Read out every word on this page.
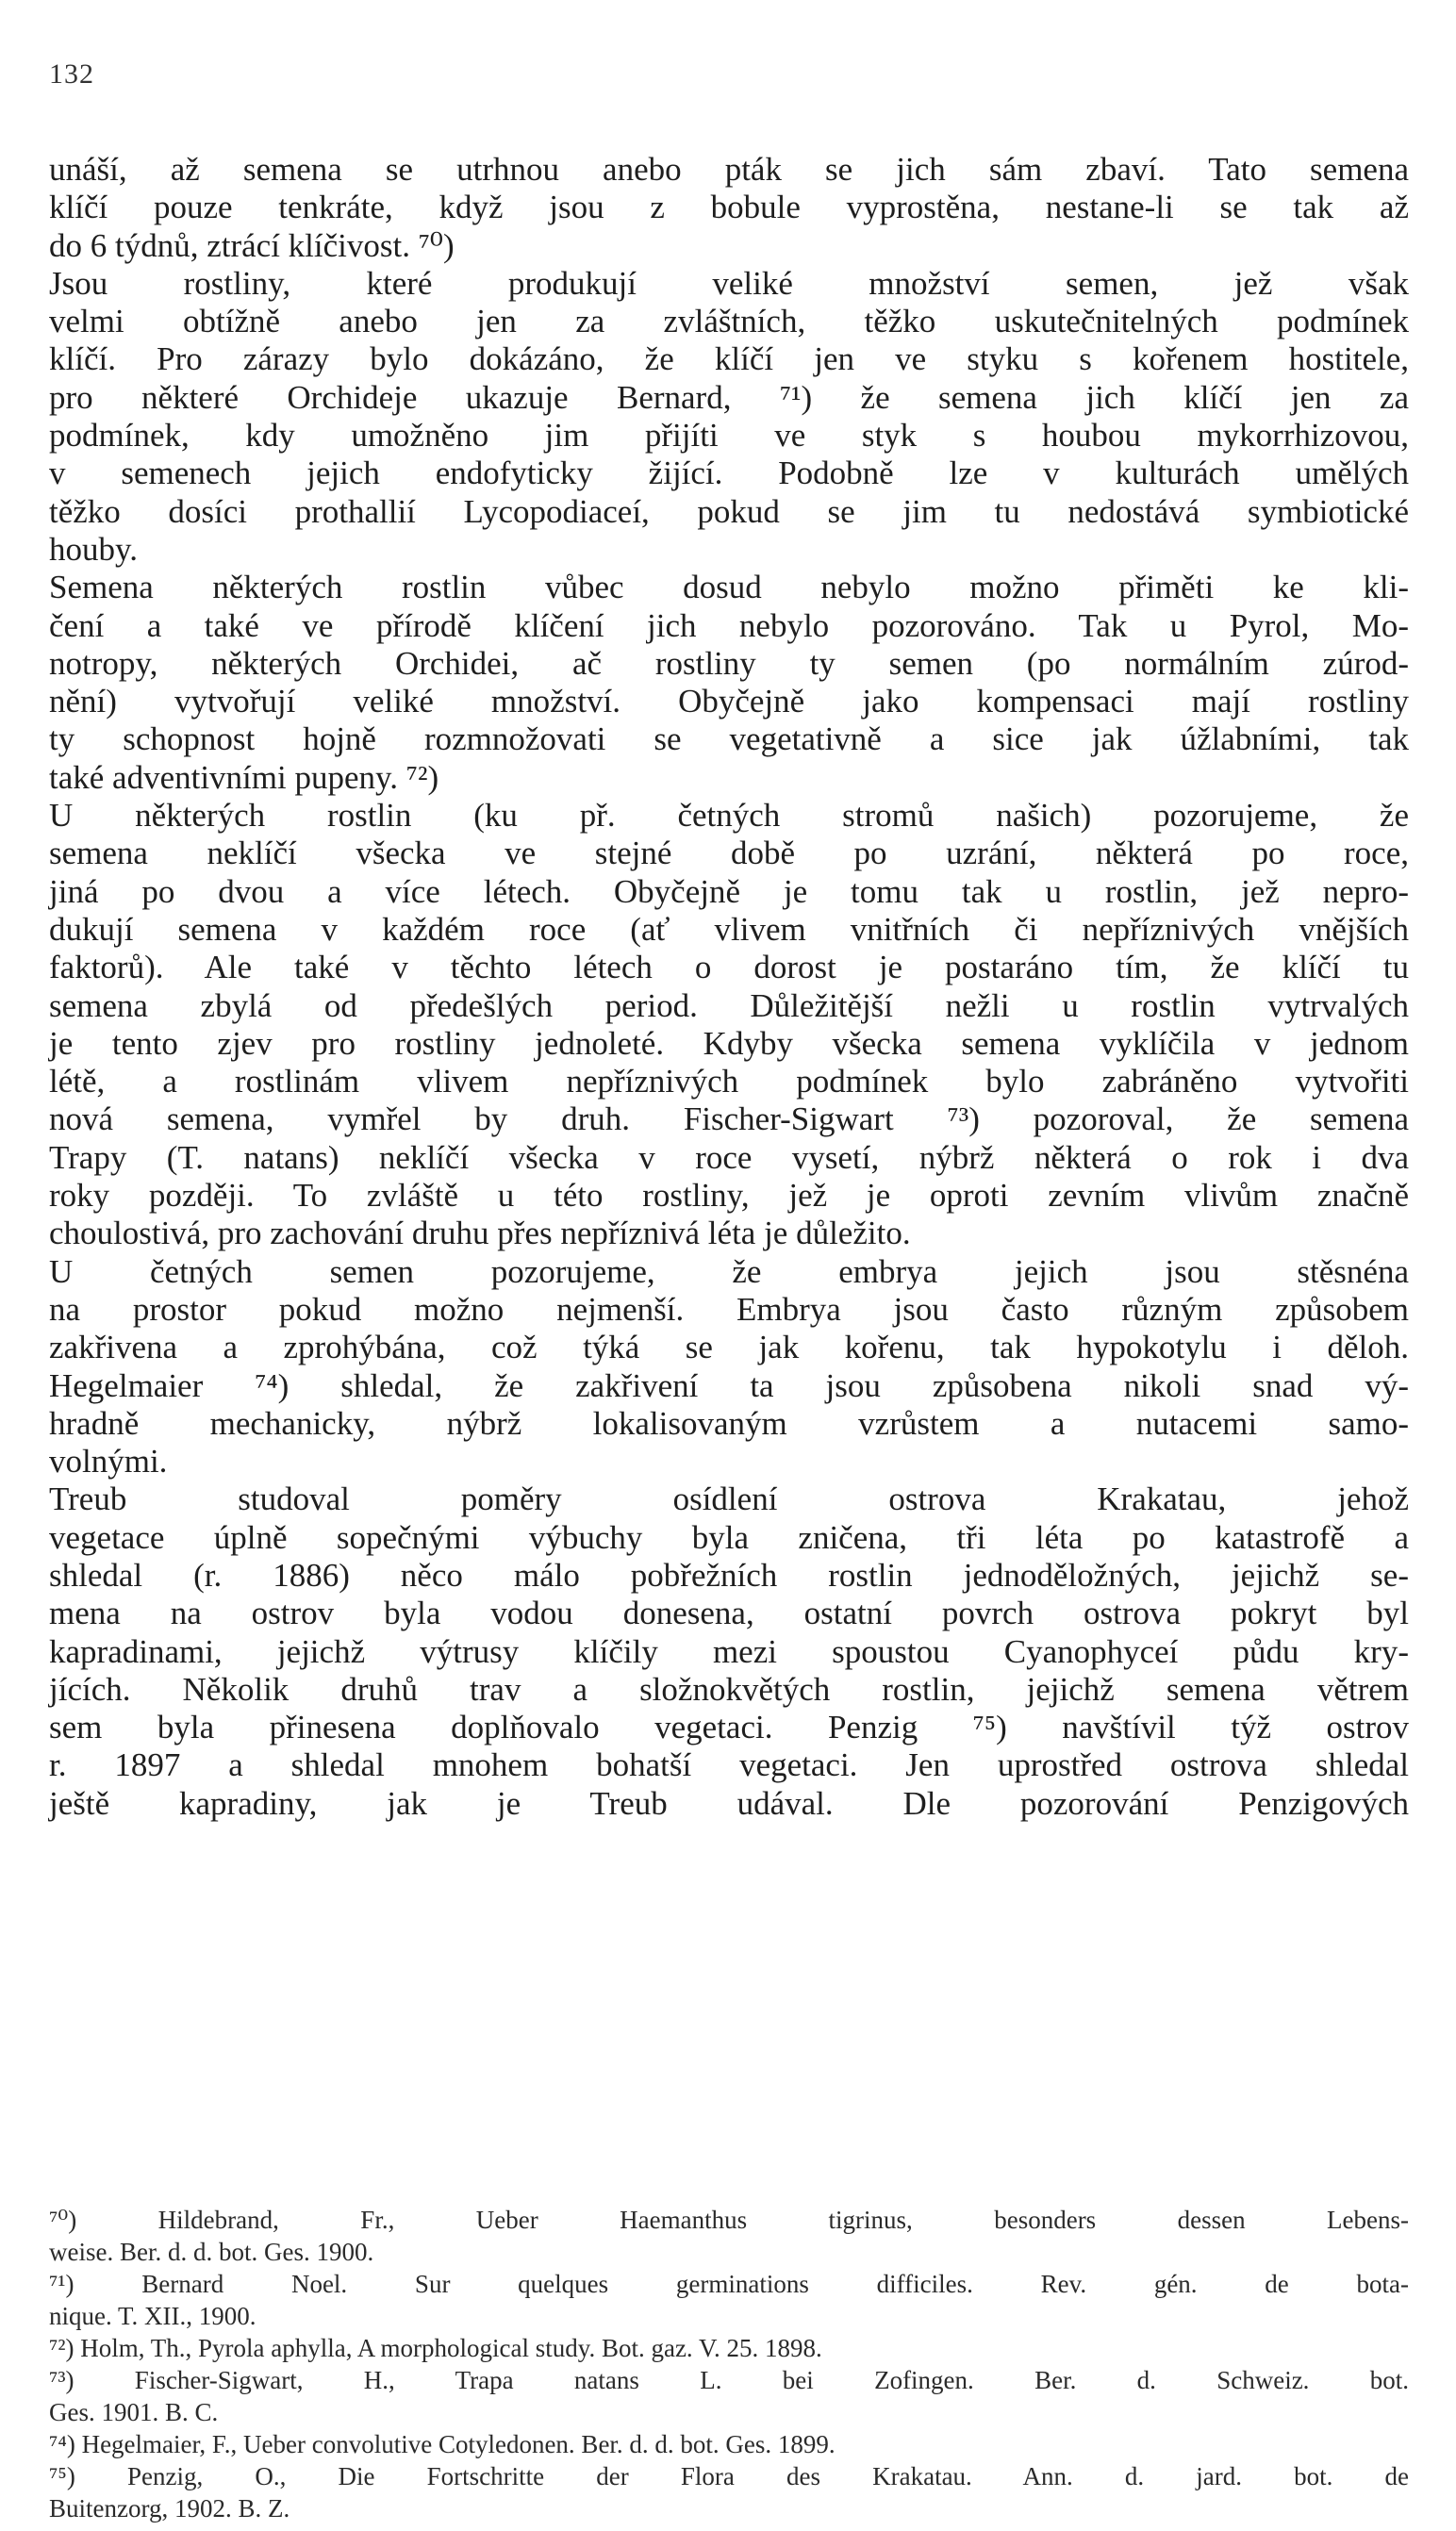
132
unáší, až semena se utrhnou anebo pták se jich sám zbaví. Tato semena
klíčí pouze tenkráte, když jsou z bobule vyprostěna, nestane-li se tak až
do 6 týdnů, ztrácí klíčivost. ⁷⁰)
Jsou rostliny, které produkují veliké množství semen, jež však
velmi obtížně anebo jen za zvláštních, těžko uskutečnitelných podmínek
klíčí. Pro zárazy bylo dokázáno, že klíčí jen ve styku s kořenem hostitele,
pro některé Orchideje ukazuje Bernard, ⁷¹) že semena jich klíčí jen za
podmínek, kdy umožněno jim přijíti ve styk s houbou mykorrhizovou,
v semenech jejich endofyticky žijící. Podobně lze v kulturách umělých
těžko dosíci prothallií Lycopodiaceí, pokud se jim tu nedostává symbiotické
houby.
Semena některých rostlin vůbec dosud nebylo možno přiměti ke kli-
čení a také ve přírodě klíčení jich nebylo pozorováno. Tak u Pyrol, Mo-
notropy, některých Orchidei, ač rostliny ty semen (po normálním zúrod-
nění) vytvořují veliké množství. Obyčejně jako kompensaci mají rostliny
ty schopnost hojně rozmnožovati se vegetativně a sice jak úžlabními, tak
také adventivními pupeny. ⁷²)
U některých rostlin (ku př. četných stromů našich) pozorujeme, že
semena neklíčí všecka ve stejné době po uzrání, některá po roce,
jiná po dvou a více létech. Obyčejně je tomu tak u rostlin, jež nepro-
dukují semena v každém roce (ať vlivem vnitřních či nepříznivých vnějších
faktorů). Ale také v těchto létech o dorost je postaráno tím, že klíčí tu
semena zbylá od předešlých period. Důležitější nežli u rostlin vytrvalých
je tento zjev pro rostliny jednoleté. Kdyby všecka semena vyklíčila v jednom
létě, a rostlinám vlivem nepříznivých podmínek bylo zabráněno vytvořiti
nová semena, vymřel by druh. Fischer-Sigwart ⁷³) pozoroval, že semena
Trapy (T. natans) neklíčí všecka v roce vysetí, nýbrž některá o rok i dva
roky později. To zvláště u této rostliny, jež je oproti zevním vlivům značně
choulostivá, pro zachování druhu přes nepříznivá léta je důležito.
U četných semen pozorujeme, že embrya jejich jsou stěsnéna
na prostor pokud možno nejmenší. Embrya jsou často různým způsobem
zakřivena a zprohýbána, což týká se jak kořenu, tak hypokotylu i děloh.
Hegelmaier ⁷⁴) shledal, že zakřivení ta jsou způsobena nikoli snad vý-
hradně mechanicky, nýbrž lokalisovaným vzrůstem a nutacemi samo-
volnými.
Treub studoval poměry osídlení ostrova Krakatau, jehož
vegetace úplně sopečnými výbuchy byla zničena, tři léta po katastrofě a
shledal (r. 1886) něco málo pobřežních rostlin jednoděložných, jejichž se-
mena na ostrov byla vodou donesena, ostatní povrch ostrova pokryt byl
kapradinami, jejichž výtrusy klíčily mezi spoustou Cyanophyceí půdu kry-
jících. Několik druhů trav a složnokvětých rostlin, jejichž semena větrem
sem byla přinesena doplňovalo vegetaci. Penzig ⁷⁵) navštívil týž ostrov
r. 1897 a shledal mnohem bohatší vegetaci. Jen uprostřed ostrova shledal
ještě kapradiny, jak je Treub udával. Dle pozorování Penzigových
⁷⁰) Hildebrand, Fr., Ueber Haemanthus tigrinus, besonders dessen Lebens-
weise. Ber. d. d. bot. Ges. 1900.
⁷¹) Bernard Noel. Sur quelques germinations difficiles. Rev. gén. de bota-
nique. T. XII., 1900.
⁷²) Holm, Th., Pyrola aphylla, A morphological study. Bot. gaz. V. 25. 1898.
⁷³) Fischer-Sigwart, H., Trapa natans L. bei Zofingen. Ber. d. Schweiz. bot.
Ges. 1901. B. C.
⁷⁴) Hegelmaier, F., Ueber convolutive Cotyledonen. Ber. d. d. bot. Ges. 1899.
⁷⁵) Penzig, O., Die Fortschritte der Flora des Krakatau. Ann. d. jard. bot. de
Buitenzorg, 1902. B. Z.
